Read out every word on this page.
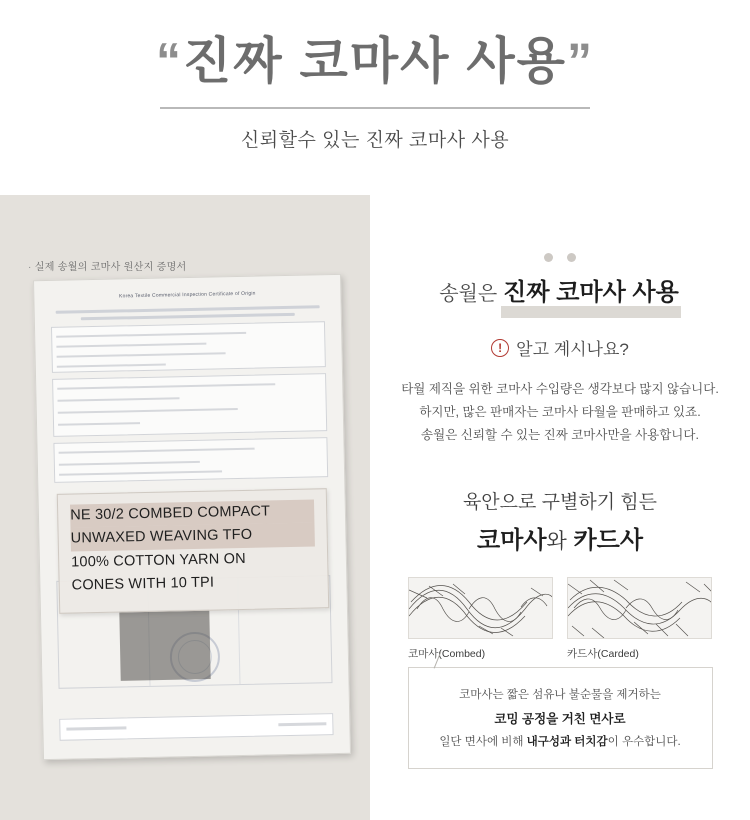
“진짜 코마사 사용”
신뢰할수 있는 진짜 코마사 사용
· 실제 송월의 코마사 원산지 증명서
Korea Textile Commercial Inspection Certificate of Origin
NE 30/2 COMBED COMPACT
UNWAXED WEAVING TFO
100% COTTON YARN ON
CONES WITH 10 TPI
송월은 진짜 코마사 사용
! 알고 계시나요?
타월 제직을 위한 코마사 수입량은 생각보다 많지 않습니다.
하지만, 많은 판매자는 코마사 타월을 판매하고 있죠.
송월은 신뢰할 수 있는 진짜 코마사만을 사용합니다.
육안으로 구별하기 힘든
코마사와 카드사
코마사(Combed)	카드사(Carded)

코마사는 짧은 섬유나 불순물을 제거하는

코밍 공정을 거친 면사로

일단 면사에 비해 내구성과 터치감이 우수합니다.
